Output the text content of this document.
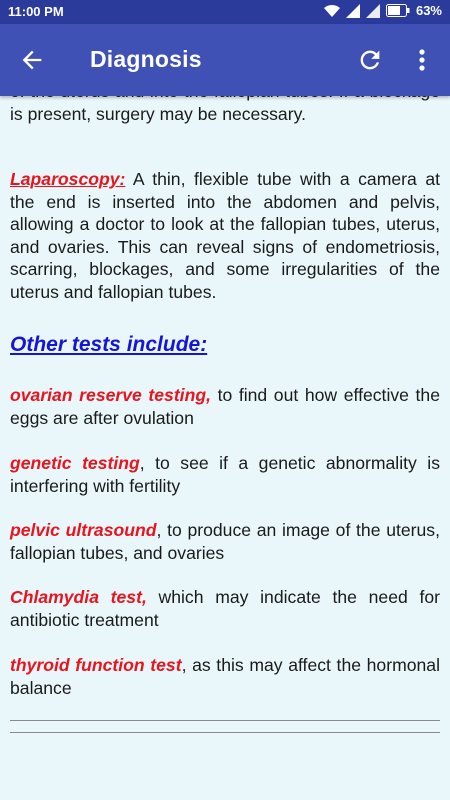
11:00 PM	63%
Diagnosis
is present, surgery may be necessary.
Laparoscopy: A thin, flexible tube with a camera at the end is inserted into the abdomen and pelvis, allowing a doctor to look at the fallopian tubes, uterus, and ovaries. This can reveal signs of endometriosis, scarring, blockages, and some irregularities of the uterus and fallopian tubes.
Other tests include:
ovarian reserve testing, to find out how effective the eggs are after ovulation
genetic testing, to see if a genetic abnormality is interfering with fertility
pelvic ultrasound, to produce an image of the uterus, fallopian tubes, and ovaries
Chlamydia test, which may indicate the need for antibiotic treatment
thyroid function test, as this may affect the hormonal balance
